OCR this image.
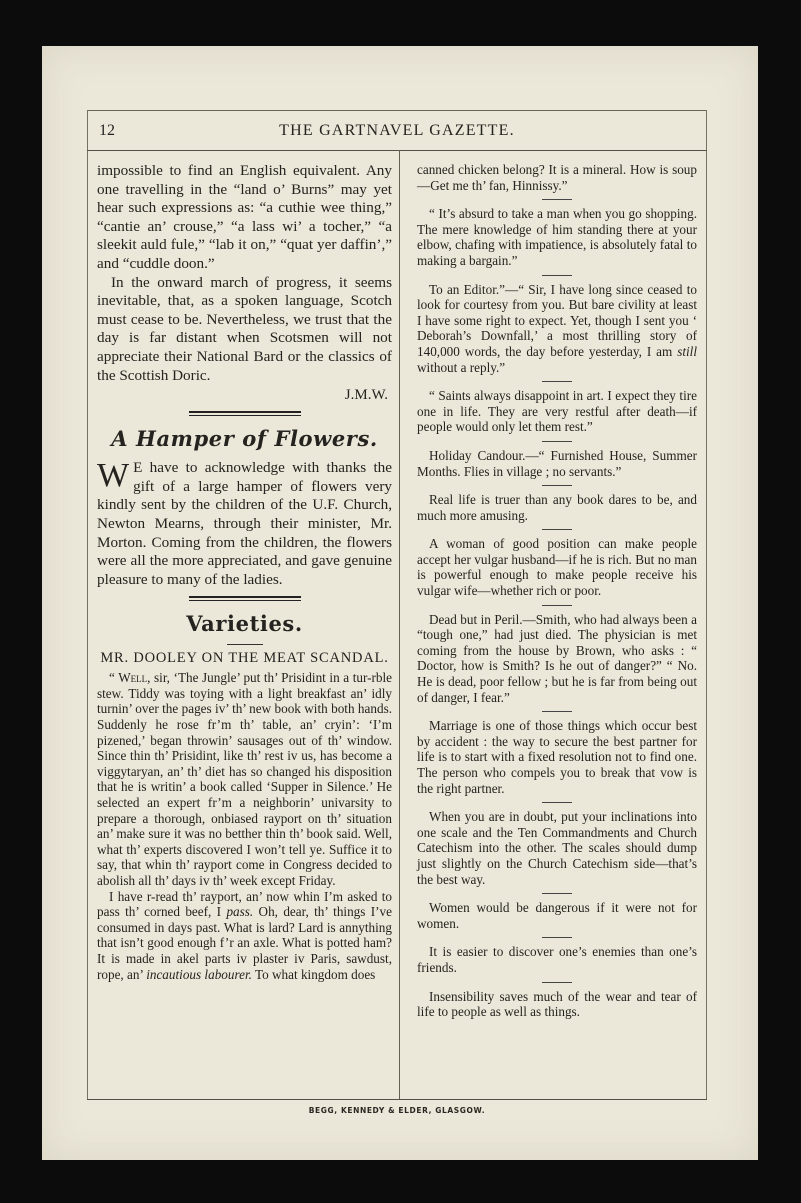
12	THE GARTNAVEL GAZETTE.

impossible to find an English equivalent. Any one travelling in the “land o’ Burns” may yet hear such expressions as: “a cuthie wee thing,” “cantie an’ crouse,” “a lass wi’ a tocher,” “a sleekit auld fule,” “lab it on,” “quat yer daffin’,” and “cuddle doon.”

In the onward march of progress, it seems inevitable, that, as a spoken language, Scotch must cease to be. Nevertheless, we trust that the day is far distant when Scotsmen will not appreciate their National Bard or the classics of the Scottish Doric.

J.M.W.
A Hamper of Flowers.
W E have to acknowledge with thanks the gift of a large hamper of flowers very kindly sent by the children of the U.F. Church, Newton Mearns, through their minister, Mr. Morton. Coming from the children, the flowers were all the more appreciated, and gave genuine pleasure to many of the ladies.
Varieties.
MR. DOOLEY ON THE MEAT SCANDAL.

“ Well, sir, ‘The Jungle’ put th’ Prisidint in a tur-rble stew. Tiddy was toying with a light breakfast an’ idly turnin’ over the pages iv’ th’ new book with both hands. Suddenly he rose fr’m th’ table, an’ cryin’: ‘I’m pizened,’ began throwin’ sausages out of th’ window. Since thin th’ Prisidint, like th’ rest iv us, has become a viggytaryan, an’ th’ diet has so changed his disposition that he is writin’ a book called ‘Supper in Silence.’ He selected an expert fr’m a neighborin’ univarsity to prepare a thorough, onbiased rayport on th’ situation an’ make sure it was no betther thin th’ book said. Well, what th’ experts discovered I won’t tell ye. Suffice it to say, that whin th’ rayport come in Congress decided to abolish all th’ days iv th’ week except Friday.

I have r-read th’ rayport, an’ now whin I’m asked to pass th’ corned beef, I pass. Oh, dear, th’ things I’ve consumed in days past. What is lard? Lard is annything that isn’t good enough f’r an axle. What is potted ham? It is made in akel parts iv plaster iv Paris, sawdust, rope, an’ incautious labourer. To what kingdom does

canned chicken belong? It is a mineral. How is soup—Get me th’ fan, Hinnissy.”

“ It’s absurd to take a man when you go shopping. The mere knowledge of him standing there at your elbow, chafing with impatience, is absolutely fatal to making a bargain.”

To an Editor.”—“ Sir, I have long since ceased to look for courtesy from you. But bare civility at least I have some right to expect. Yet, though I sent you ‘ Deborah’s Downfall,’ a most thrilling story of 140,000 words, the day before yesterday, I am still without a reply.”

“ Saints always disappoint in art. I expect they tire one in life. They are very restful after death—if people would only let them rest.”

Holiday Candour.—“ Furnished House, Summer Months. Flies in village ; no servants.”

Real life is truer than any book dares to be, and much more amusing.

A woman of good position can make people accept her vulgar husband—if he is rich. But no man is powerful enough to make people receive his vulgar wife—whether rich or poor.

Dead but in Peril.—Smith, who had always been a “tough one,” had just died. The physician is met coming from the house by Brown, who asks : “ Doctor, how is Smith? Is he out of danger?” “ No. He is dead, poor fellow ; but he is far from being out of danger, I fear.”

Marriage is one of those things which occur best by accident : the way to secure the best partner for life is to start with a fixed resolution not to find one. The person who compels you to break that vow is the right partner.

When you are in doubt, put your inclinations into one scale and the Ten Commandments and Church Catechism into the other. The scales should dump just slightly on the Church Catechism side—that’s the best way.

Women would be dangerous if it were not for women.

It is easier to discover one’s enemies than one’s friends.

Insensibility saves much of the wear and tear of life to people as well as things.

BEGG, KENNEDY & ELDER, GLASGOW.
